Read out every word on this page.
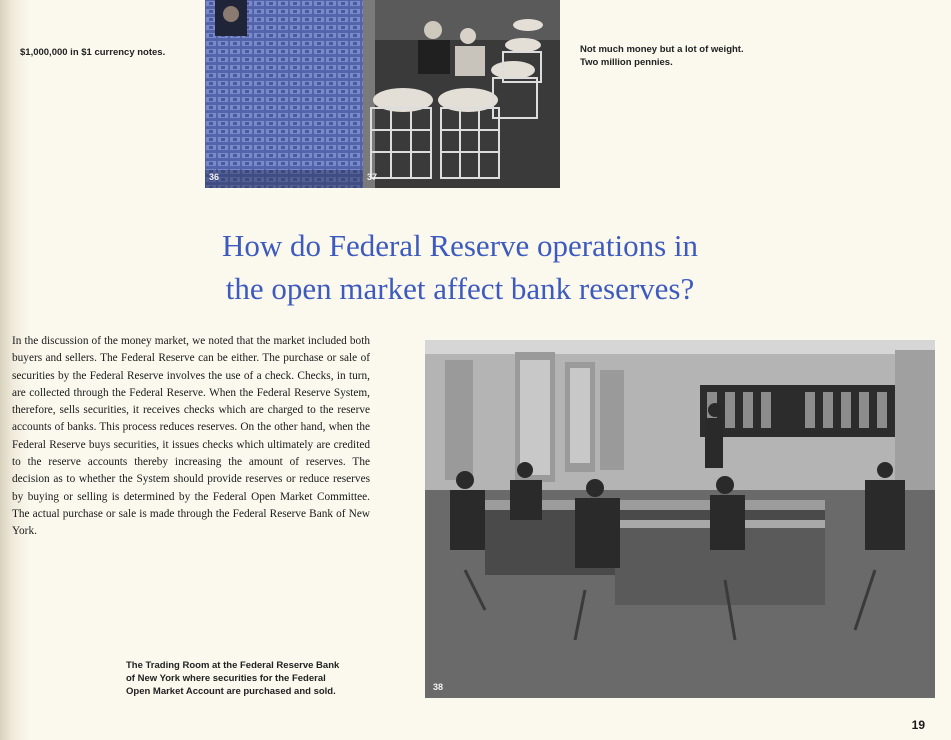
$1,000,000 in $1 currency notes.
36	37
Not much money but a lot of weight.
Two million pennies.
How do Federal Reserve operations in
the open market affect bank reserves?
In the discussion of the money market, we noted that the market included both buyers and sellers. The Federal Reserve can be either. The purchase or sale of securities by the Federal Reserve involves the use of a check. Checks, in turn, are collected through the Federal Reserve. When the Federal Reserve System, therefore, sells securities, it receives checks which are charged to the reserve accounts of banks. This process reduces reserves. On the other hand, when the Federal Reserve buys securities, it issues checks which ultimately are credited to the reserve accounts thereby increasing the amount of reserves. The decision as to whether the System should provide reserves or reduce reserves by buying or selling is determined by the Federal Open Market Committee. The actual purchase or sale is made through the Federal Reserve Bank of New York.
38
The Trading Room at the Federal Reserve Bank
of New York where securities for the Federal
Open Market Account are purchased and sold.
19
